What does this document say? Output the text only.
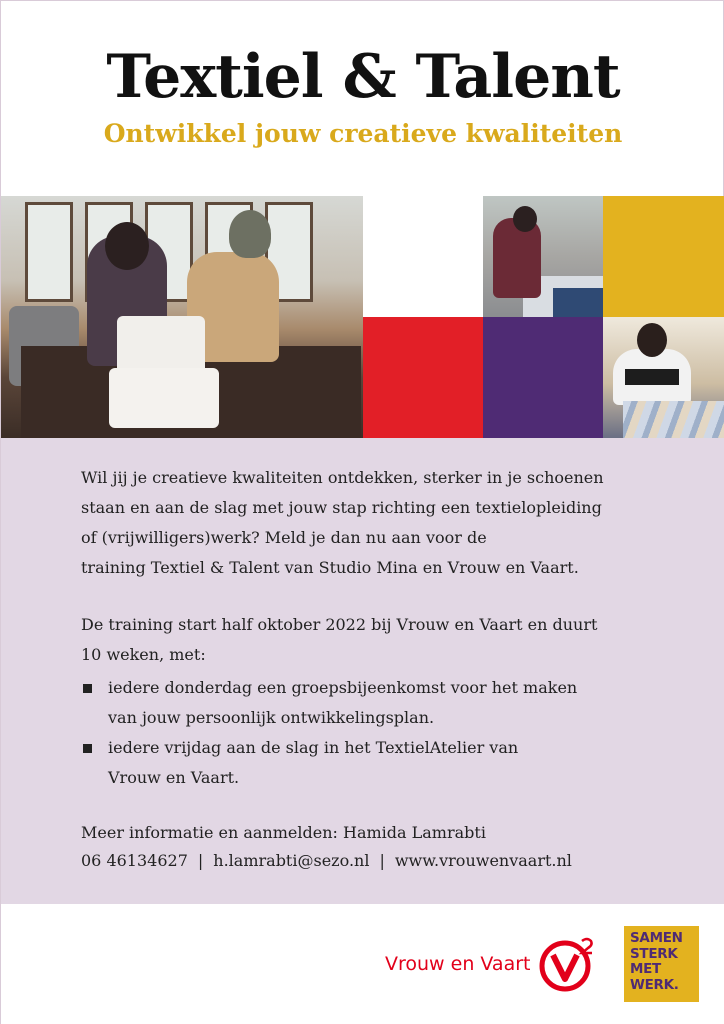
Textiel & Talent
Ontwikkel jouw creatieve kwaliteiten
Wil jij je creatieve kwaliteiten ontdekken, sterker in je schoenen
staan en aan de slag met jouw stap richting een textielopleiding
of (vrijwilligers)werk? Meld je dan nu aan voor de
training Textiel & Talent van Studio Mina en Vrouw en Vaart.
De training start half oktober 2022 bij Vrouw en Vaart en duurt
10 weken, met:
iedere donderdag een groepsbijeenkomst voor het maken
van jouw persoonlijk ontwikkelingsplan.
iedere vrijdag aan de slag in het TextielAtelier van
Vrouw en Vaart.
Meer informatie en aanmelden: Hamida Lamrabti
06 46134627 | h.lamrabti@sezo.nl | www.vrouwenvaart.nl
Vrouw en Vaart
SAMEN
STERK
MET
WERK.
